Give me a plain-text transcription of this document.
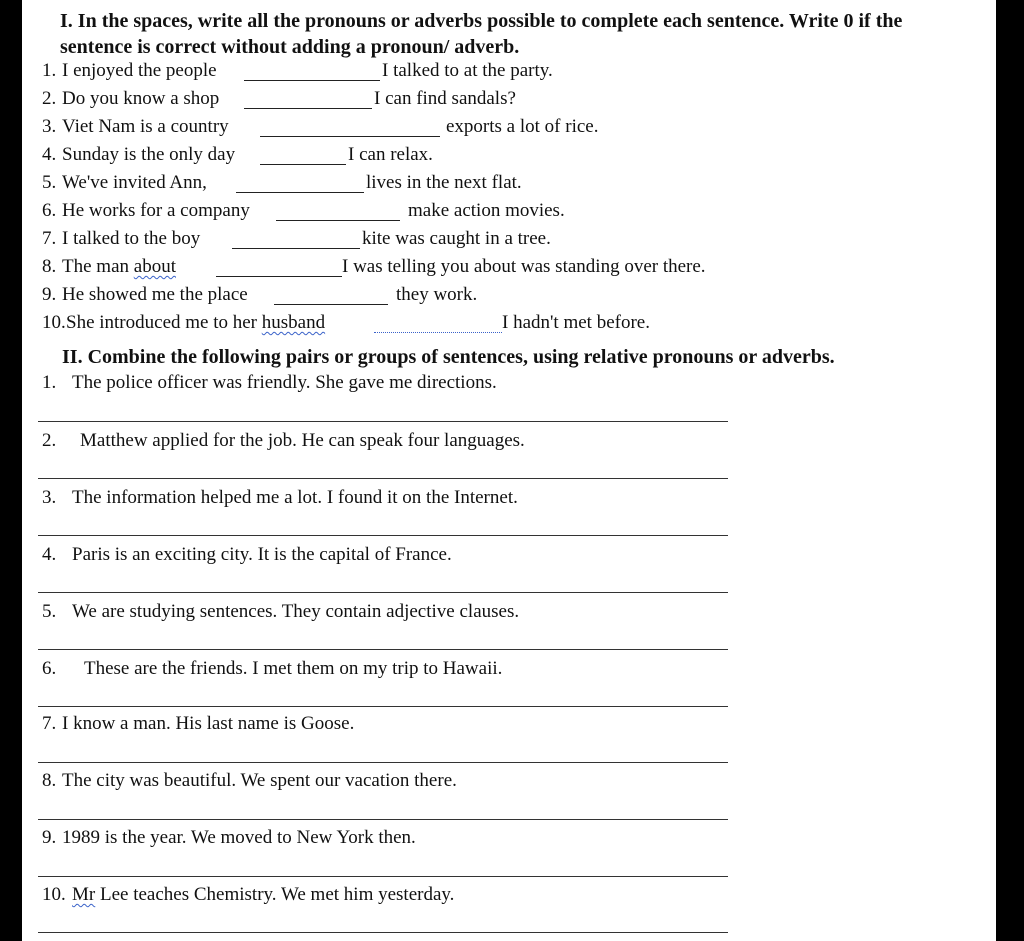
I. In the spaces, write all the pronouns or adverbs possible to complete each sentence. Write 0 if the
sentence is correct without adding a pronoun/ adverb.
1. I enjoyed the people	I talked to at the party.
2. Do you know a shop	I can find sandals?
3. Viet Nam is a country	exports a lot of rice.
4. Sunday is the only day	I can relax.
5. We've invited Ann,	lives in the next flat.
6. He works for a company	make action movies.
7. I talked to the boy	kite was caught in a tree.
8. The man about	I was telling you about was standing over there.
9. He showed me the place	they work.
10. She introduced me to her husband	I hadn't met before.
II. Combine the following pairs or groups of sentences, using relative pronouns or adverbs.
1. The police officer was friendly. She gave me directions.
2. Matthew applied for the job. He can speak four languages.
3. The information helped me a lot. I found it on the Internet.
4. Paris is an exciting city. It is the capital of France.
5. We are studying sentences. They contain adjective clauses.
6. These are the friends. I met them on my trip to Hawaii.
7. I know a man. His last name is Goose.
8. The city was beautiful. We spent our vacation there.
9. 1989 is the year. We moved to New York then.
10. Mr Lee teaches Chemistry. We met him yesterday.
